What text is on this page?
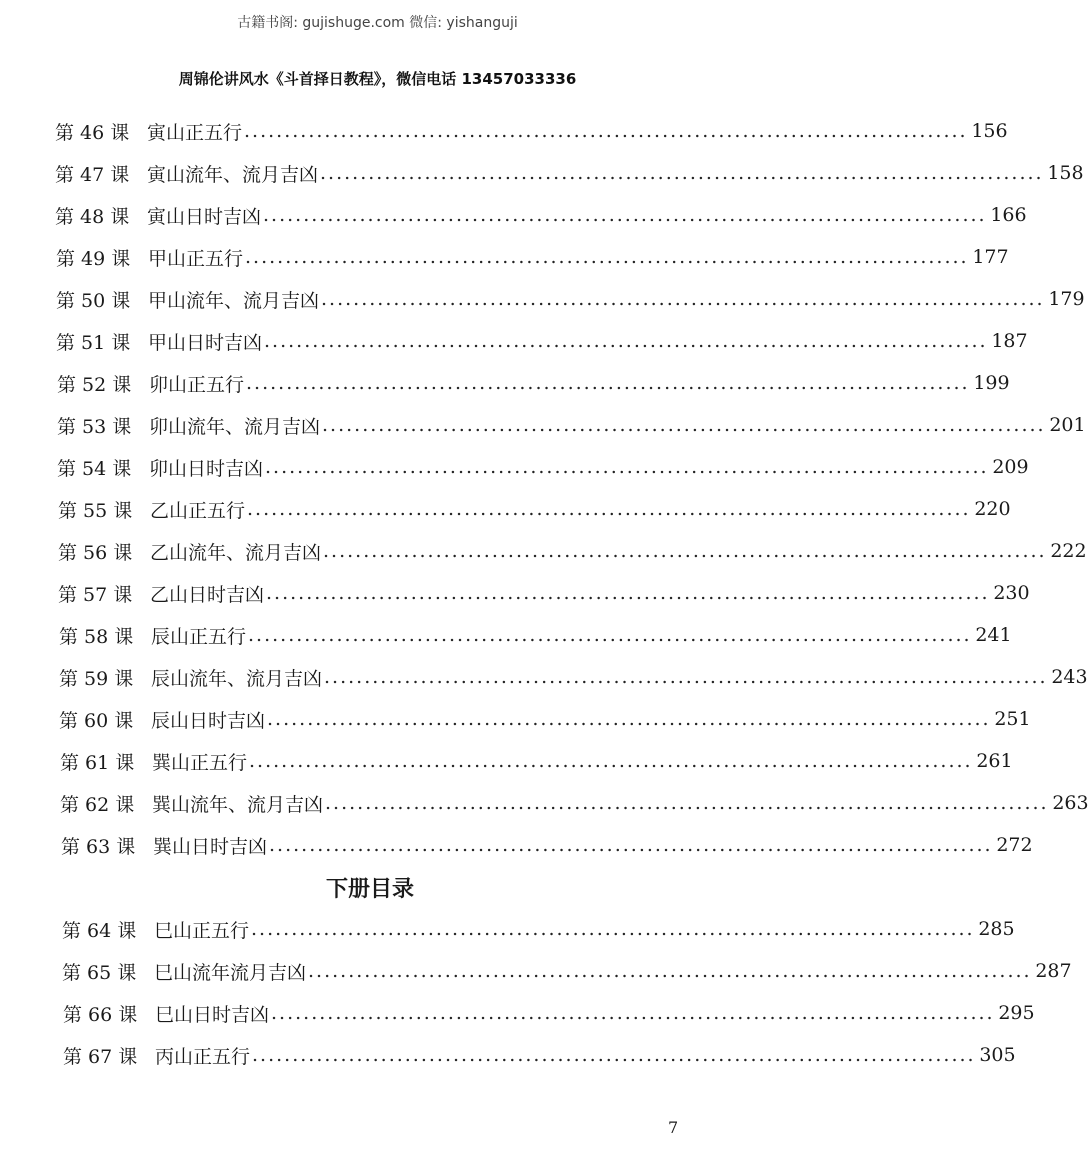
古籍书阁: gujishuge.com 微信: yishanguji
周锦伦讲风水《斗首择日教程》，微信电话 13457033336
第 46 课 寅山正五行 .......................................................................................... 156
第 47 课 寅山流年、流月吉凶 .......................................................................................... 158
第 48 课 寅山日时吉凶 .......................................................................................... 166
第 49 课 甲山正五行 .......................................................................................... 177
第 50 课 甲山流年、流月吉凶 .......................................................................................... 179
第 51 课 甲山日时吉凶 .......................................................................................... 187
第 52 课 卯山正五行 .......................................................................................... 199
第 53 课 卯山流年、流月吉凶 .......................................................................................... 201
第 54 课 卯山日时吉凶 .......................................................................................... 209
第 55 课 乙山正五行 .......................................................................................... 220
第 56 课 乙山流年、流月吉凶 .......................................................................................... 222
第 57 课 乙山日时吉凶 .......................................................................................... 230
第 58 课 辰山正五行 .......................................................................................... 241
第 59 课 辰山流年、流月吉凶 .......................................................................................... 243
第 60 课 辰山日时吉凶 .......................................................................................... 251
第 61 课 巽山正五行 .......................................................................................... 261
第 62 课 巽山流年、流月吉凶 .......................................................................................... 263
第 63 课 巽山日时吉凶 .......................................................................................... 272
下册目录
第 64 课 巳山正五行 .......................................................................................... 285
第 65 课 巳山流年流月吉凶 .......................................................................................... 287
第 66 课 巳山日时吉凶 .......................................................................................... 295
第 67 课 丙山正五行 .......................................................................................... 305
7
